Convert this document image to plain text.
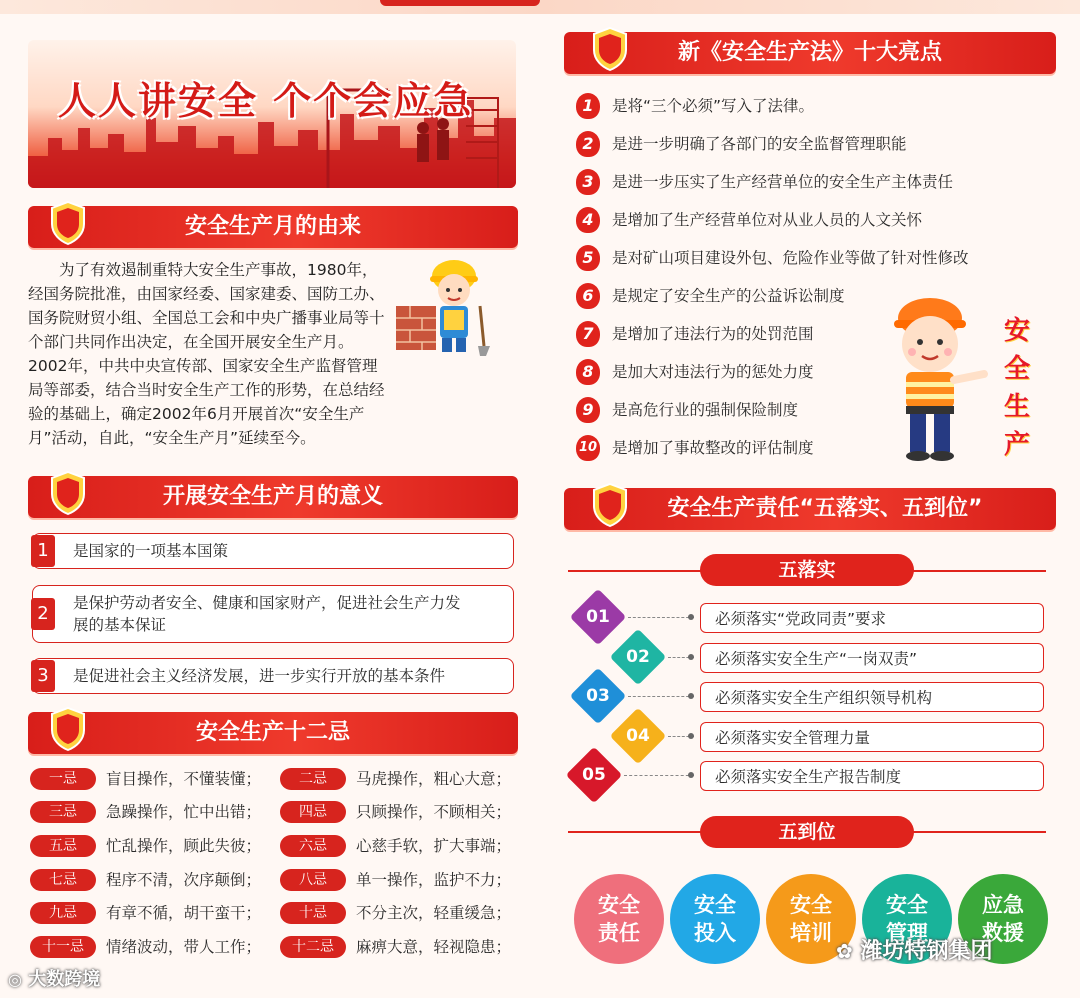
人人讲安全 个个会应急
安全生产月的由来

为了有效遏制重特大安全生产事故，1980年，经国务院批准，由国家经委、国家建委、国防工办、国务院财贸小组、全国总工会和中央广播事业局等十个部门共同作出决定，在全国开展安全生产月。2002年，中共中央宣传部、国家安全生产监督管理局等部委，结合当时安全生产工作的形势，在总结经验的基础上，确定2002年6月开展首次“安全生产月”活动，自此，“安全生产月”延续至今。

开展安全生产月的意义
1	是国家的一项基本国策
2	是保护劳动者安全、健康和国家财产，促进社会生产力发展的基本保证
3	是促进社会主义经济发展，进一步实行开放的基本条件
安全生产十二忌
一忌 盲目操作，不懂装懂；	二忌 马虎操作，粗心大意；
三忌 急躁操作，忙中出错；	四忌 只顾操作，不顾相关；
五忌 忙乱操作，顾此失彼；	六忌 心慈手软，扩大事端；
七忌 程序不清，次序颠倒；	八忌 单一操作，监护不力；
九忌 有章不循，胡干蛮干；	十忌 不分主次，轻重缓急；
十一忌 情绪波动，带人工作；	十二忌 麻痹大意，轻视隐患；
新《安全生产法》十大亮点
1 是将“三个必须”写入了法律。
2 是进一步明确了各部门的安全监督管理职能
3 是进一步压实了生产经营单位的安全生产主体责任
4 是增加了生产经营单位对从业人员的人文关怀
5 是对矿山项目建设外包、危险作业等做了针对性修改
6 是规定了安全生产的公益诉讼制度
7 是增加了违法行为的处罚范围
8 是加大对违法行为的惩处力度
9 是高危行业的强制保险制度
10 是增加了事故整改的评估制度
安
全
生
产
安全生产责任“五落实、五到位”
五落实
01	必须落实“党政同责”要求
02	必须落实安全生产“一岗双责”
03	必须落实安全生产组织领导机构
04	必须落实安全管理力量
05	必须落实安全生产报告制度
五到位
安全
责任
安全
投入
安全
培训
安全
管理
应急
救援
◎ 大数跨境
✿ 潍坊特钢集团
